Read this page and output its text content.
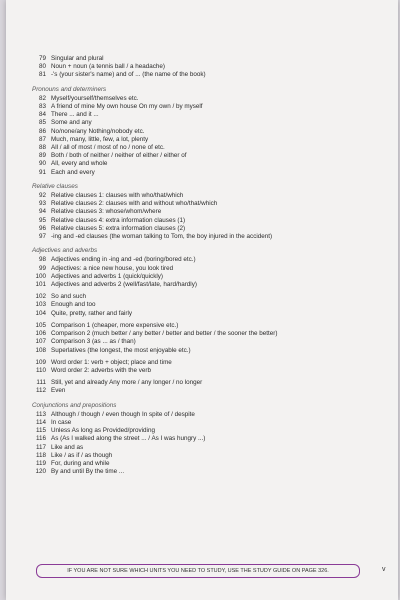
79 Singular and plural
80 Noun + noun (a tennis ball / a headache)
81 -'s (your sister's name) and of ... (the name of the book)
Pronouns and determiners
82 Myself/yourself/themselves etc.
83 A friend of mine My own house On my own / by myself
84 There ... and it ...
85 Some and any
86 No/none/any Nothing/nobody etc.
87 Much, many, little, few, a lot, plenty
88 All / all of most / most of no / none of etc.
89 Both / both of neither / neither of either / either of
90 All, every and whole
91 Each and every
Relative clauses
92 Relative clauses 1: clauses with who/that/which
93 Relative clauses 2: clauses with and without who/that/which
94 Relative clauses 3: whose/whom/where
95 Relative clauses 4: extra information clauses (1)
96 Relative clauses 5: extra information clauses (2)
97 -ing and -ed clauses (the woman talking to Tom, the boy injured in the accident)
Adjectives and adverbs
98 Adjectives ending in -ing and -ed (boring/bored etc.)
99 Adjectives: a nice new house, you look tired
100 Adjectives and adverbs 1 (quick/quickly)
101 Adjectives and adverbs 2 (well/fast/late, hard/hardly)
102 So and such
103 Enough and too
104 Quite, pretty, rather and fairly
105 Comparison 1 (cheaper, more expensive etc.)
106 Comparison 2 (much better / any better / better and better / the sooner the better)
107 Comparison 3 (as ... as / than)
108 Superlatives (the longest, the most enjoyable etc.)
109 Word order 1: verb + object; place and time
110 Word order 2: adverbs with the verb
111 Still, yet and already Any more / any longer / no longer
112 Even
Conjunctions and prepositions
113 Although / though / even though In spite of / despite
114 In case
115 Unless As long as Provided/providing
116 As (As I walked along the street ... / As I was hungry ...)
117 Like and as
118 Like / as if / as though
119 For, during and while
120 By and until By the time ...
IF YOU ARE NOT SURE WHICH UNITS YOU NEED TO STUDY, USE THE STUDY GUIDE ON PAGE 326.	v
